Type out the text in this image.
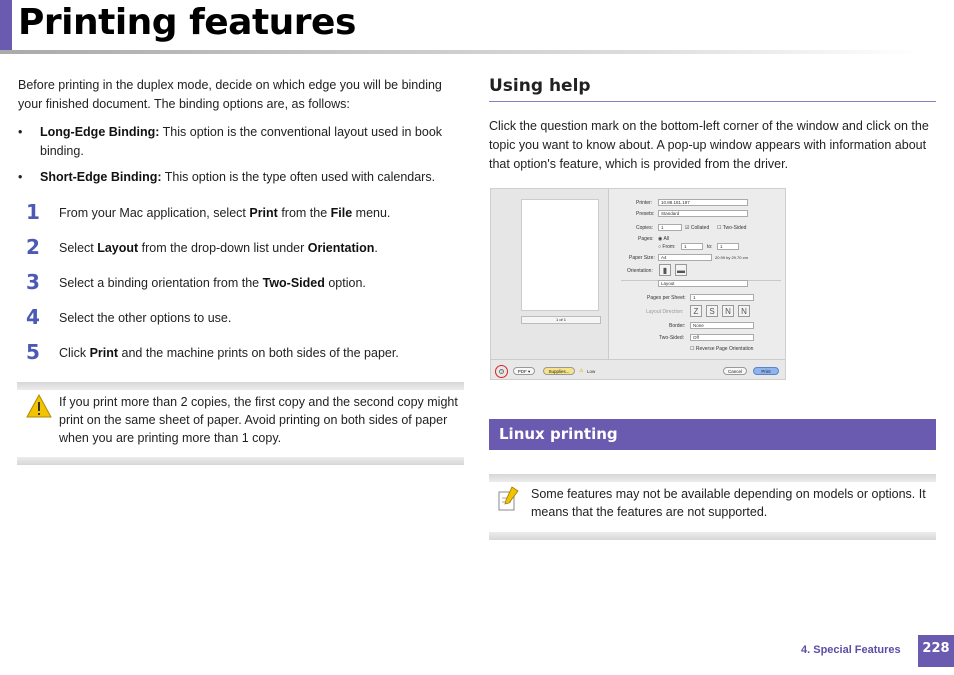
Printing features
Before printing in the duplex mode, decide on which edge you will be binding your finished document. The binding options are, as follows:
• Long-Edge Binding: This option is the conventional layout used in book binding.
• Short-Edge Binding: This option is the type often used with calendars.
1 From your Mac application, select Print from the File menu.
2 Select Layout from the drop-down list under Orientation.
3 Select a binding orientation from the Two-Sided option.
4 Select the other options to use.
5 Click Print and the machine prints on both sides of the paper.
If you print more than 2 copies, the first copy and the second copy might print on the same sheet of paper. Avoid printing on both sides of paper when you are printing more than 1 copy.
Using help
Click the question mark on the bottom-left corner of the window and click on the topic you want to know about. A pop-up window appears with information about that option's feature, which is provided from the driver.
1 of 1
Printer:	10.88.181.197
Presets:	Standard
Copies:	1	☑ Collated ☐ Two-Sided
Pages: ◉ All
○ From:	1	to:	1
Paper Size:	A4	20.99 by 29.70 cm
Orientation:	▮	▬
Layout
Pages per Sheet:	1
Layout Direction:	Z	S	N	N
Border:	None
Two-Sided:	Off
☐ Reverse Page Orientation
?	PDF ▾	Supplies...	⚠ Low	Cancel	Print
Linux printing
Some features may not be available depending on models or options. It means that the features are not supported.
4. Special Features	228
